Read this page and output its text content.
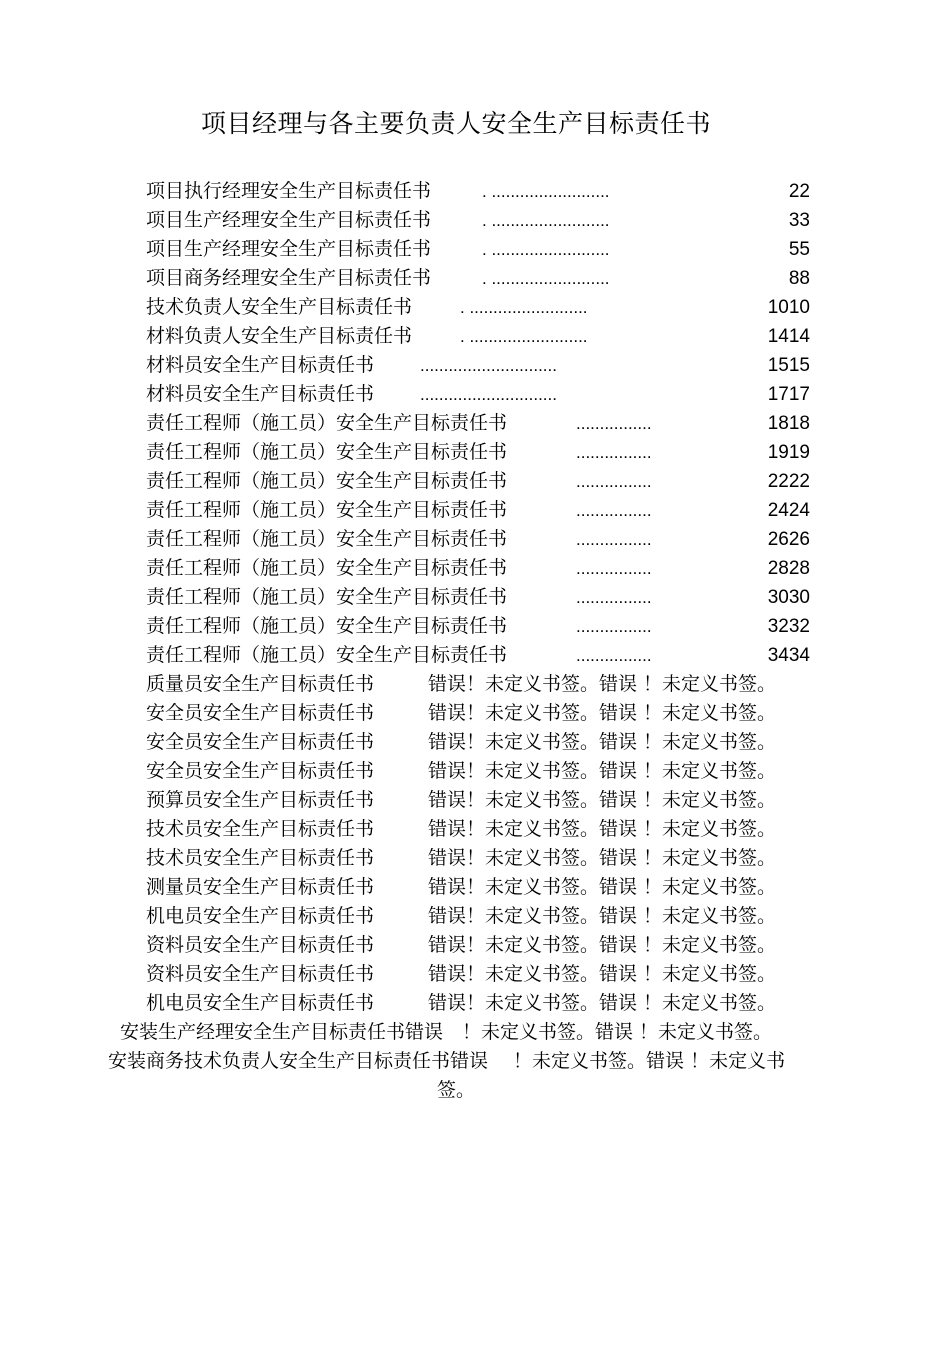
项目经理与各主要负责人安全生产目标责任书
项目执行经理安全生产目标责任书	. .........................	22
项目生产经理安全生产目标责任书	. .........................	33
项目生产经理安全生产目标责任书	. .........................	55
项目商务经理安全生产目标责任书	. .........................	88
技术负责人安全生产目标责任书	. .........................	1010
材料负责人安全生产目标责任书	. .........................	1414
材料员安全生产目标责任书	.............................	1515
材料员安全生产目标责任书	.............................	1717
责任工程师（施工员）安全生产目标责任书	................	1818
责任工程师（施工员）安全生产目标责任书	................	1919
责任工程师（施工员）安全生产目标责任书	................	2222
责任工程师（施工员）安全生产目标责任书	................	2424
责任工程师（施工员）安全生产目标责任书	................	2626
责任工程师（施工员）安全生产目标责任书	................	2828
责任工程师（施工员）安全生产目标责任书	................	3030
责任工程师（施工员）安全生产目标责任书	................	3232
责任工程师（施工员）安全生产目标责任书	................	3434
质量员安全生产目标责任书	错误！未定义书签。错误 ！未定义书签。
安全员安全生产目标责任书	错误！未定义书签。错误 ！未定义书签。
安全员安全生产目标责任书	错误！未定义书签。错误 ！未定义书签。
安全员安全生产目标责任书	错误！未定义书签。错误 ！未定义书签。
预算员安全生产目标责任书	错误！未定义书签。错误 ！未定义书签。
技术员安全生产目标责任书	错误！未定义书签。错误 ！未定义书签。
技术员安全生产目标责任书	错误！未定义书签。错误 ！未定义书签。
测量员安全生产目标责任书	错误！未定义书签。错误 ！未定义书签。
机电员安全生产目标责任书	错误！未定义书签。错误 ！未定义书签。
资料员安全生产目标责任书	错误！未定义书签。错误 ！未定义书签。
资料员安全生产目标责任书	错误！未定义书签。错误 ！未定义书签。
机电员安全生产目标责任书	错误！未定义书签。错误 ！未定义书签。
安装生产经理安全生产目标责任书错误　！未定义书签。错误 ！未定义书签。
安装商务技术负责人安全生产目标责任书错误　 ！未定义书签。错误 ！未定义书
签。
